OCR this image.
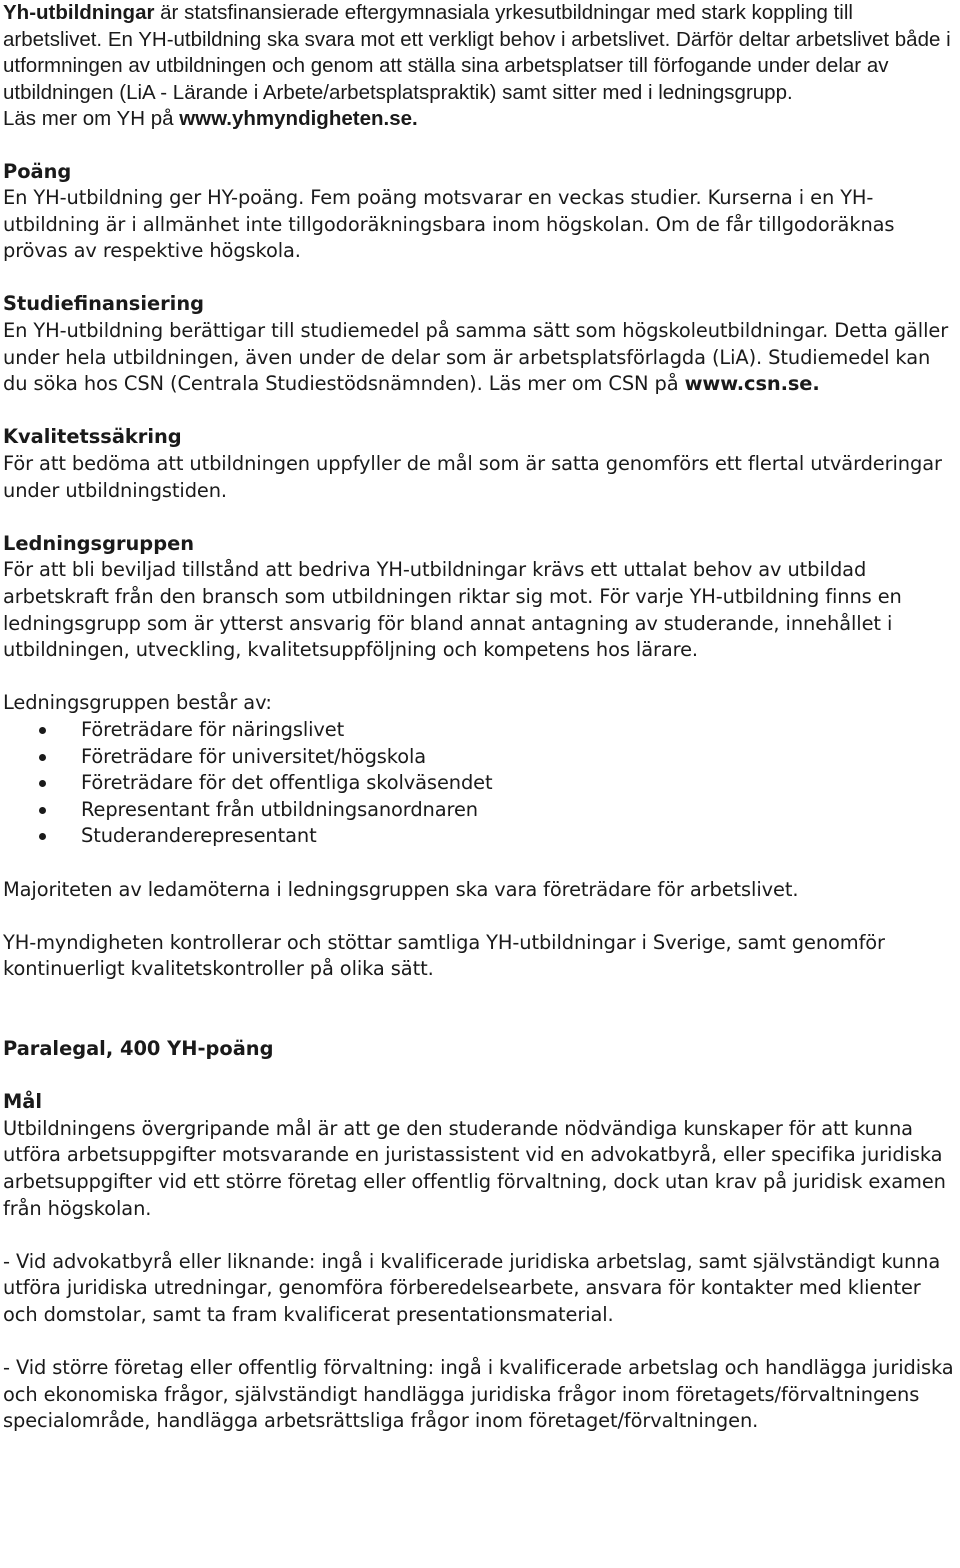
Yh-utbildningar är statsfinansierade eftergymnasiala yrkesutbildningar med stark koppling till arbetslivet. En YH-utbildning ska svara mot ett verkligt behov i arbetslivet. Därför deltar arbetslivet både i utformningen av utbildningen och genom att ställa sina arbetsplatser till förfogande under delar av utbildningen (LiA - Lärande i Arbete/arbetsplatspraktik) samt sitter med i ledningsgrupp.

Läs mer om YH på www.yhmyndigheten.se.

Poäng

En YH-utbildning ger HY-poäng. Fem poäng motsvarar en veckas studier. Kurserna i en YH-utbildning är i allmänhet inte tillgodoräkningsbara inom högskolan. Om de får tillgodoräknas prövas av respektive högskola.

Studiefinansiering

En YH-utbildning berättigar till studiemedel på samma sätt som högskoleutbildningar. Detta gäller under hela utbildningen, även under de delar som är arbetsplatsförlagda (LiA). Studiemedel kan du söka hos CSN (Centrala Studiestödsnämnden). Läs mer om CSN på www.csn.se.

Kvalitetssäkring

För att bedöma att utbildningen uppfyller de mål som är satta genomförs ett flertal utvärderingar under utbildningstiden.

Ledningsgruppen

För att bli beviljad tillstånd att bedriva YH-utbildningar krävs ett uttalat behov av utbildad arbetskraft från den bransch som utbildningen riktar sig mot. För varje YH-utbildning finns en ledningsgrupp som är ytterst ansvarig för bland annat antagning av studerande, innehållet i utbildningen, utveckling, kvalitetsuppföljning och kompetens hos lärare.

Ledningsgruppen består av:

Företrädare för näringslivet
Företrädare för universitet/högskola
Företrädare för det offentliga skolväsendet
Representant från utbildningsanordnaren
Studeranderepresentant

Majoriteten av ledamöterna i ledningsgruppen ska vara företrädare för arbetslivet.

YH-myndigheten kontrollerar och stöttar samtliga YH-utbildningar i Sverige, samt genomför kontinuerligt kvalitetskontroller på olika sätt.

Paralegal, 400 YH-poäng

Mål

Utbildningens övergripande mål är att ge den studerande nödvändiga kunskaper för att kunna utföra arbetsuppgifter motsvarande en juristassistent vid en advokatbyrå, eller specifika juridiska arbetsuppgifter vid ett större företag eller offentlig förvaltning, dock utan krav på juridisk examen från högskolan.

- Vid advokatbyrå eller liknande: ingå i kvalificerade juridiska arbetslag, samt självständigt kunna utföra juridiska utredningar, genomföra förberedelsearbete, ansvara för kontakter med klienter och domstolar, samt ta fram kvalificerat presentationsmaterial.

- Vid större företag eller offentlig förvaltning: ingå i kvalificerade arbetslag och handlägga juridiska och ekonomiska frågor, självständigt handlägga juridiska frågor inom företagets/förvaltningens specialområde, handlägga arbetsrättsliga frågor inom företaget/förvaltningen.
